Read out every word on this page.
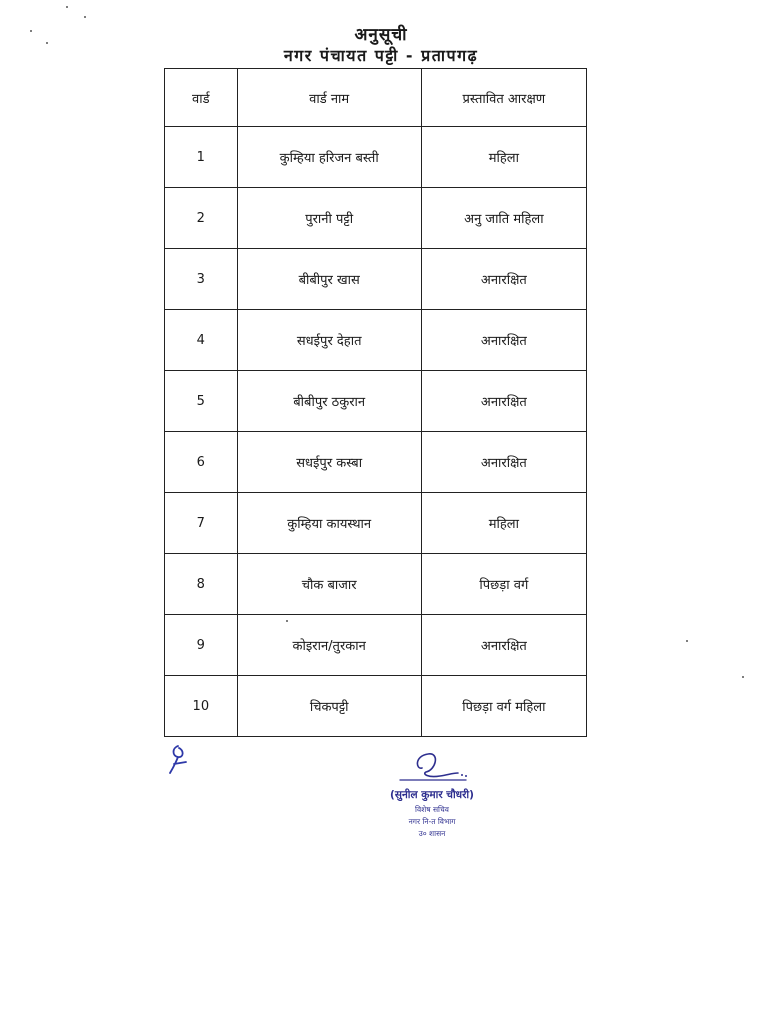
अनुसूची
नगर पंचायत पट्टी - प्रतापगढ़
वार्ड	वार्ड नाम	प्रस्तावित आरक्षण
1	कुम्हिया हरिजन बस्ती	महिला
2	पुरानी पट्टी	अनु जाति महिला
3	बीबीपुर खास	अनारक्षित
4	सधईपुर देहात	अनारक्षित
5	बीबीपुर ठकुरान	अनारक्षित
6	सधईपुर कस्बा	अनारक्षित
7	कुम्हिया कायस्थान	महिला
8	चौक बाजार	पिछड़ा वर्ग
9	कोइरान/तुरकान	अनारक्षित
10	चिकपट्टी	पिछड़ा वर्ग महिला
(सुनील कुमार चौधरी)
विशेष सचिव
नगर नि-त विभाग
उ० शासन
